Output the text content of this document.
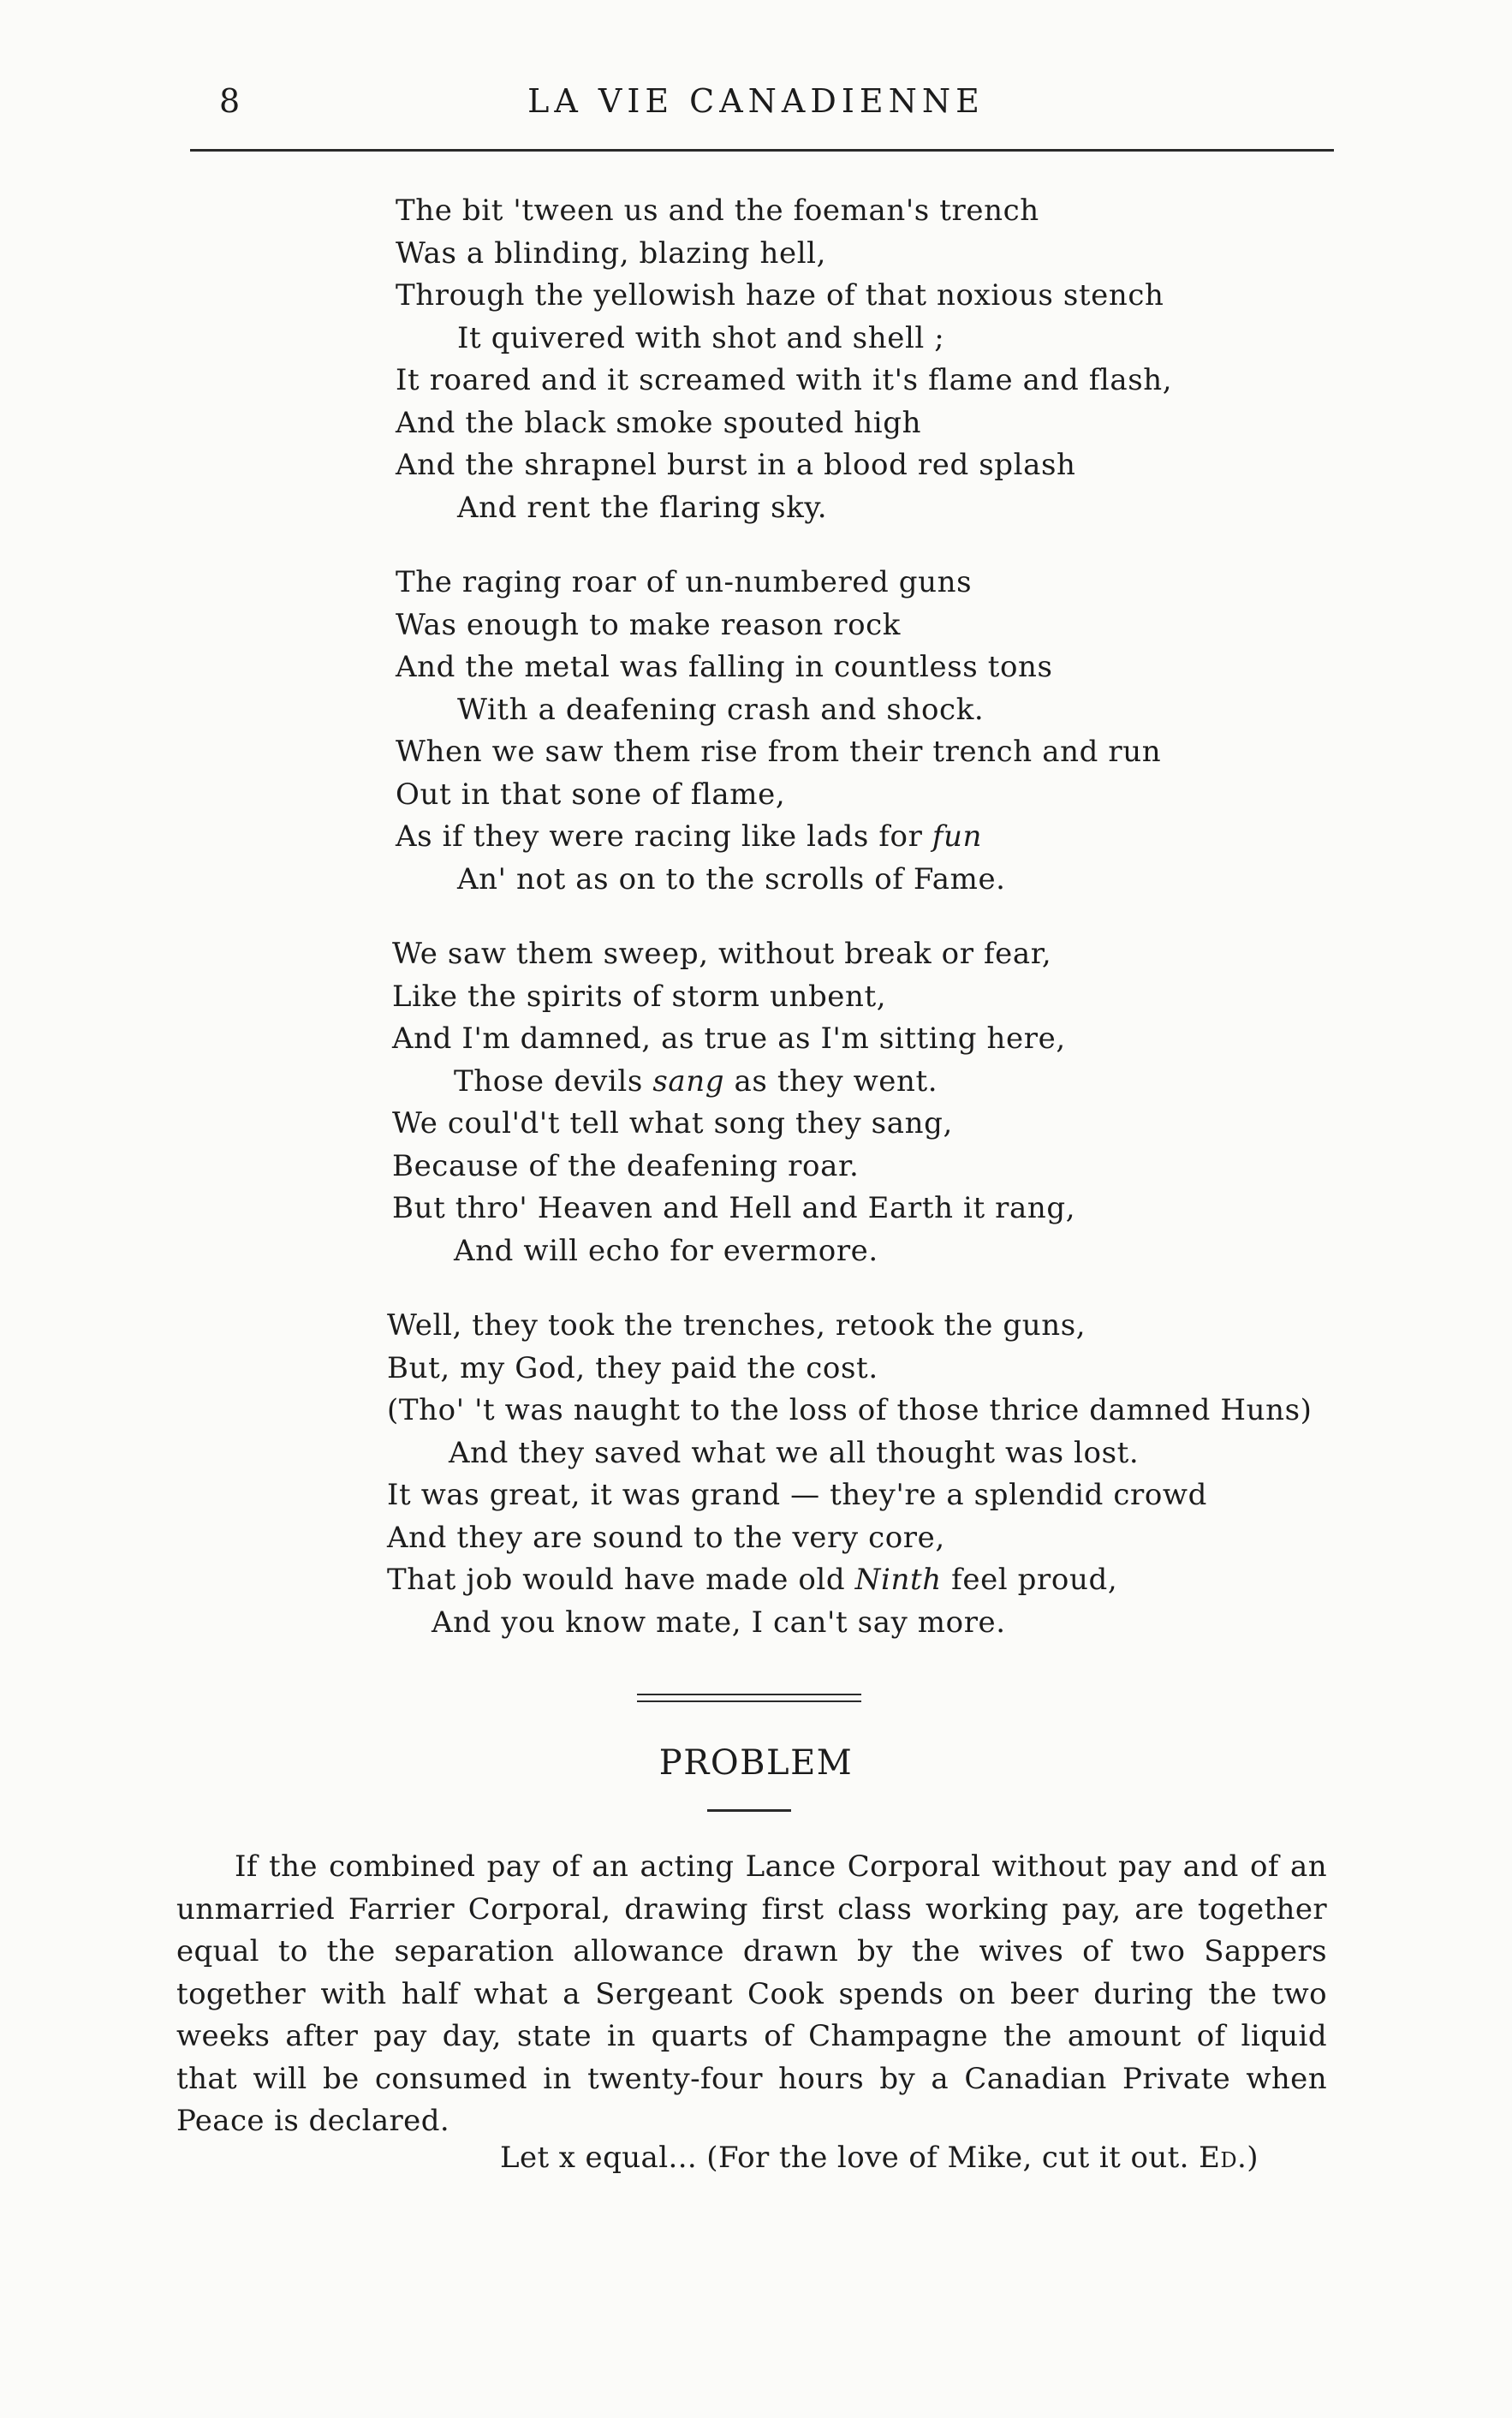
8	LA VIE CANADIENNE
The bit 'tween us and the foeman's trench
Was a blinding, blazing hell,
Through the yellowish haze of that noxious stench
It quivered with shot and shell ;
It roared and it screamed with it's flame and flash,
And the black smoke spouted high
And the shrapnel burst in a blood red splash
And rent the flaring sky.
The raging roar of un-numbered guns
Was enough to make reason rock
And the metal was falling in countless tons
With a deafening crash and shock.
When we saw them rise from their trench and run
Out in that sone of flame,
As if they were racing like lads for fun
An' not as on to the scrolls of Fame.
We saw them sweep, without break or fear,
Like the spirits of storm unbent,
And I'm damned, as true as I'm sitting here,
Those devils sang as they went.
We coul'd't tell what song they sang,
Because of the deafening roar.
But thro' Heaven and Hell and Earth it rang,
And will echo for evermore.
Well, they took the trenches, retook the guns,
But, my God, they paid the cost.
(Tho' 't was naught to the loss of those thrice damned Huns)
And they saved what we all thought was lost.
It was great, it was grand — they're a splendid crowd
And they are sound to the very core,
That job would have made old Ninth feel proud,
And you know mate, I can't say more.
PROBLEM

If the combined pay of an acting Lance Corporal without pay and of an unmarried Farrier Corporal, drawing first class working pay, are together equal to the separation allowance drawn by the wives of two Sappers together with half what a Sergeant Cook spends on beer during the two weeks after pay day, state in quarts of Champagne the amount of liquid that will be consumed in twenty-four hours by a Canadian Private when Peace is declared.

Let x equal... (For the love of Mike, cut it out. Ed.)
